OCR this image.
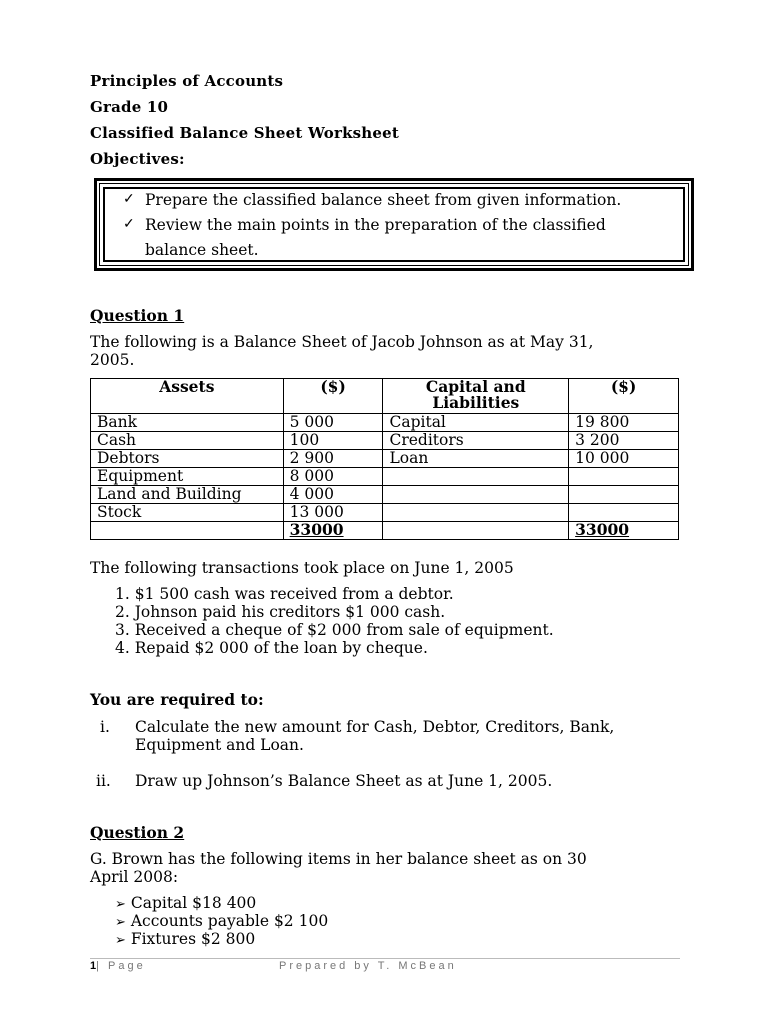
Principles of Accounts
Grade 10
Classified Balance Sheet Worksheet
Objectives:
✓ Prepare the classified balance sheet from given information.
✓ Review the main points in the preparation of the classified
balance sheet.
Question 1
The following is a Balance Sheet of Jacob Johnson as at May 31,
2005.
Assets	($)	Capital and
Liabilities	($)
Bank	5 000	Capital	19 800
Cash	100	Creditors	3 200
Debtors	2 900	Loan	10 000
Equipment	8 000		
Land and Building	4 000		
Stock	13 000		
	33000		33000
The following transactions took place on June 1, 2005
1. $1 500 cash was received from a debtor.
2. Johnson paid his creditors $1 000 cash.
3. Received a cheque of $2 000 from sale of equipment.
4. Repaid $2 000 of the loan by cheque.
You are required to:
i. Calculate the new amount for Cash, Debtor, Creditors, Bank,
Equipment and Loan.
ii. Draw up Johnson’s Balance Sheet as at June 1, 2005.
Question 2
G. Brown has the following items in her balance sheet as on 30
April 2008:
➢ Capital $18 400
➢ Accounts payable $2 100
➢ Fixtures $2 800
1| Page	Prepared by T. McBean
